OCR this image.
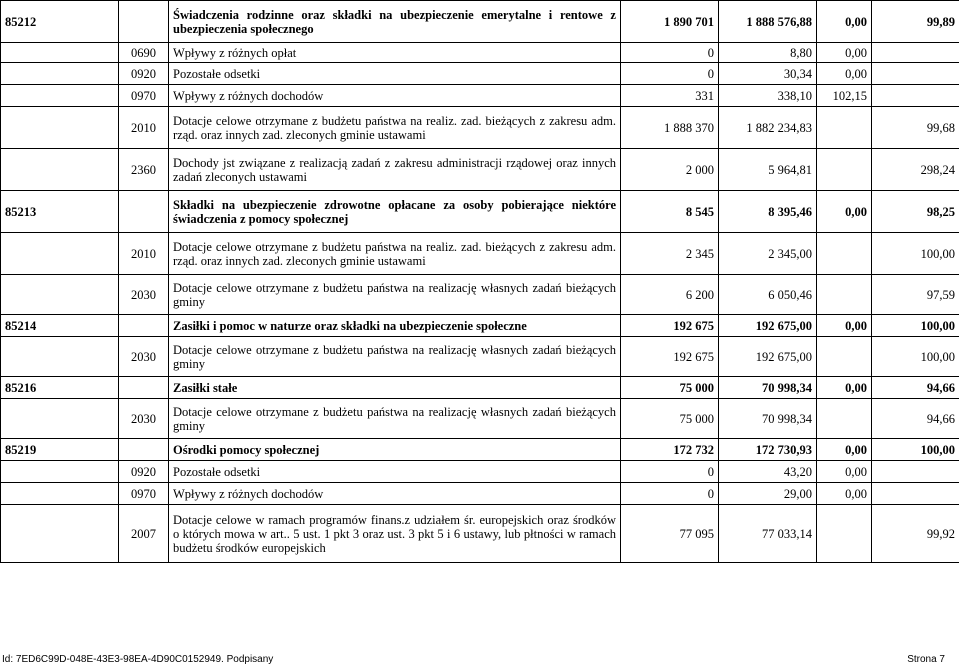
85212		Świadczenia rodzinne oraz składki na ubezpieczenie emerytalne i rentowe z ubezpieczenia społecznego	1 890 701	1 888 576,88	0,00	99,89
	0690	Wpływy z różnych opłat	0	8,80	0,00	
	0920	Pozostałe odsetki	0	30,34	0,00	
	0970	Wpływy z różnych dochodów	331	338,10	102,15	
	2010	Dotacje celowe otrzymane z budżetu państwa na realiz. zad. bieżących z zakresu adm. rząd. oraz innych zad. zleconych gminie ustawami	1 888 370	1 882 234,83		99,68
	2360	Dochody jst związane z realizacją zadań z zakresu administracji rządowej oraz innych zadań zleconych ustawami	2 000	5 964,81		298,24
85213		Składki na ubezpieczenie zdrowotne opłacane za osoby pobierające niektóre świadczenia z pomocy społecznej	8 545	8 395,46	0,00	98,25
	2010	Dotacje celowe otrzymane z budżetu państwa na realiz. zad. bieżących z zakresu adm. rząd. oraz innych zad. zleconych gminie ustawami	2 345	2 345,00		100,00
	2030	Dotacje celowe otrzymane z budżetu państwa na realizację własnych zadań bieżących gminy	6 200	6 050,46		97,59
85214		Zasiłki i pomoc w naturze oraz składki na ubezpieczenie społeczne	192 675	192 675,00	0,00	100,00
	2030	Dotacje celowe otrzymane z budżetu państwa na realizację własnych zadań bieżących gminy	192 675	192 675,00		100,00
85216		Zasiłki stałe	75 000	70 998,34	0,00	94,66
	2030	Dotacje celowe otrzymane z budżetu państwa na realizację własnych zadań bieżących gminy	75 000	70 998,34		94,66
85219		Ośrodki pomocy społecznej	172 732	172 730,93	0,00	100,00
	0920	Pozostałe odsetki	0	43,20	0,00	
	0970	Wpływy z różnych dochodów	0	29,00	0,00	
	2007	Dotacje celowe w ramach programów finans.z udziałem śr. europejskich oraz środków o których mowa w art.. 5 ust. 1 pkt 3 oraz ust. 3 pkt 5 i 6 ustawy, lub płtności w ramach budżetu środków europejskich	77 095	77 033,14		99,92
Id: 7ED6C99D-048E-43E3-98EA-4D90C0152949. Podpisany	Strona 7
